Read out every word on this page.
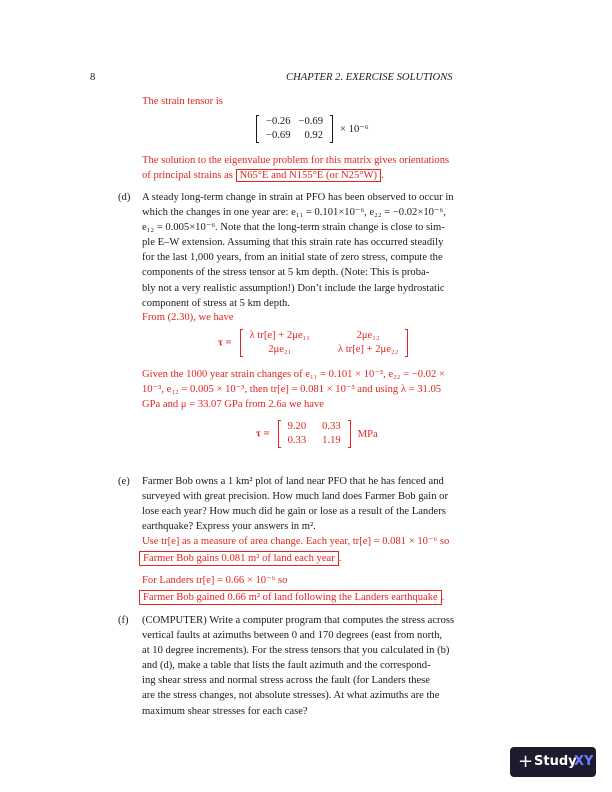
8	CHAPTER 2. EXERCISE SOLUTIONS
The strain tensor is
−0.26	−0.69
−0.69	0.92
× 10⁻⁶
The solution to the eigenvalue problem for this matrix gives orientations
of principal strains as N65°E and N155°E (or N25°W) .
(d) A steady long-term change in strain at PFO has been observed to occur in
which the changes in one year are: e₁₁ = 0.101×10⁻⁶, e₂₂ = −0.02×10⁻⁶,
e₁₂ = 0.005×10⁻⁶. Note that the long-term strain change is close to sim-
ple E–W extension. Assuming that this strain rate has occurred steadily
for the last 1,000 years, from an initial state of zero stress, compute the
components of the stress tensor at 5 km depth. (Note: This is proba-
bly not a very realistic assumption!) Don’t include the large hydrostatic
component of stress at 5 km depth.
From (2.30), we have
τ =
λ tr[e] + 2μe₁₁	2μe₁₂
2μe₂₁	λ tr[e] + 2μe₂₂
Given the 1000 year strain changes of e₁₁ = 0.101 × 10⁻³, e₂₂ = −0.02 ×
10⁻³, e₁₂ = 0.005 × 10⁻³, then tr[e] = 0.081 × 10⁻³ and using λ = 31.05
GPa and μ = 33.07 GPa from 2.6a we have
τ =
9.20	0.33
0.33	1.19
MPa
(e) Farmer Bob owns a 1 km² plot of land near PFO that he has fenced and
surveyed with great precision. How much land does Farmer Bob gain or
lose each year? How much did he gain or lose as a result of the Landers
earthquake? Express your answers in m².
Use tr[e] as a measure of area change. Each year, tr[e] = 0.081 × 10⁻⁶ so
Farmer Bob gains 0.081 m² of land each year .
For Landers tr[e] = 0.66 × 10⁻⁶ so
Farmer Bob gained 0.66 m² of land following the Landers earthquake .
(f) (COMPUTER) Write a computer program that computes the stress across
vertical faults at azimuths between 0 and 170 degrees (east from north,
at 10 degree increments). For the stress tensors that you calculated in (b)
and (d), make a table that lists the fault azimuth and the correspond-
ing shear stress and normal stress across the fault (for Landers these
are the stress changes, not absolute stresses). At what azimuths are the
maximum shear stresses for each case?
+ Study
XY
